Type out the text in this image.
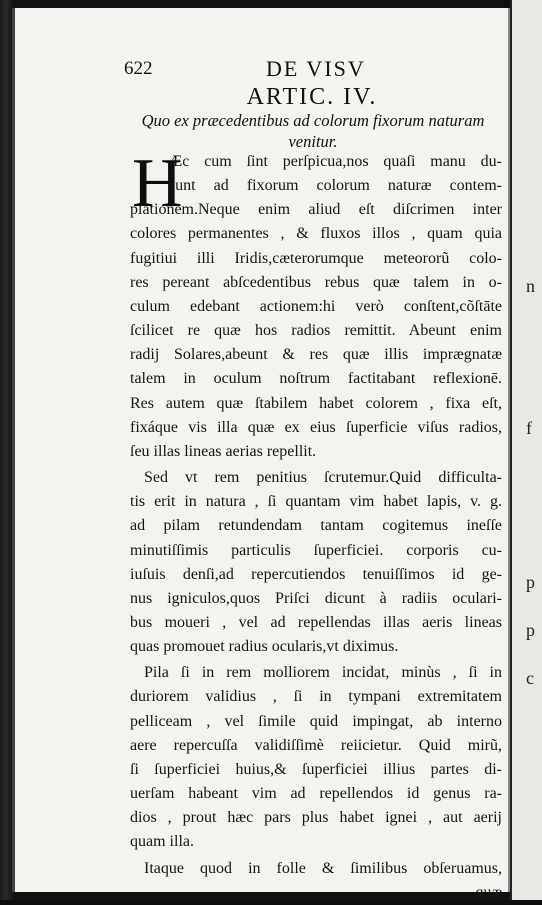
n
f
p
p
c
622	DE VISV
ARTIC. IV.
Quo ex præcedentibus ad colorum fixorum naturam
venitur.
H
Æc cum ſint perſpicua,nos quaſi manu du-
cunt ad fixorum colorum naturæ contem-
plationem.Neque enim aliud eſt diſcrimen inter
colores permanentes , & fluxos illos , quam quia
fugitiui illi Iridis,cæterorumque meteororũ colo-
res pereant abſcedentibus rebus quæ talem in o-
culum edebant actionem:hi verò conſtent,cõſtāte
ſcilicet re quæ hos radios remittit. Abeunt enim
radij Solares,abeunt & res quæ illis imprægnatæ
talem in oculum noſtrum factitabant reflexionē.
Res autem quæ ſtabilem habet colorem , fixa eſt,
fixáque vis illa quæ ex eius ſuperficie viſus radios,
ſeu illas lineas aerias repellit.
Sed vt rem penitius ſcrutemur.Quid difficulta-
tis erit in natura , ſi quantam vim habet lapis, v. g.
ad pilam retundendam tantam cogitemus ineſſe
minutiſſimis particulis ſuperficiei. corporis cu-
iuſuis denſi,ad repercutiendos tenuiſſimos id ge-
nus igniculos,quos Priſci dicunt à radiis oculari-
bus moueri , vel ad repellendas illas aeris lineas
quas promouet radius ocularis,vt diximus.
Pila ſi in rem molliorem incidat, minùs , ſi in
duriorem validius , ſi in tympani extremitatem
pelliceam , vel ſimile quid impingat, ab interno
aere repercuſſa validiſſimè reiicietur. Quid mirũ,
ſi ſuperficiei huius,& ſuperficiei illius partes di-
uerſam habeant vim ad repellendos id genus ra-
dios , prout hæc pars plus habet ignei , aut aerij
quam illa.
Itaque quod in folle & ſimilibus obſeruamus,
quæ
